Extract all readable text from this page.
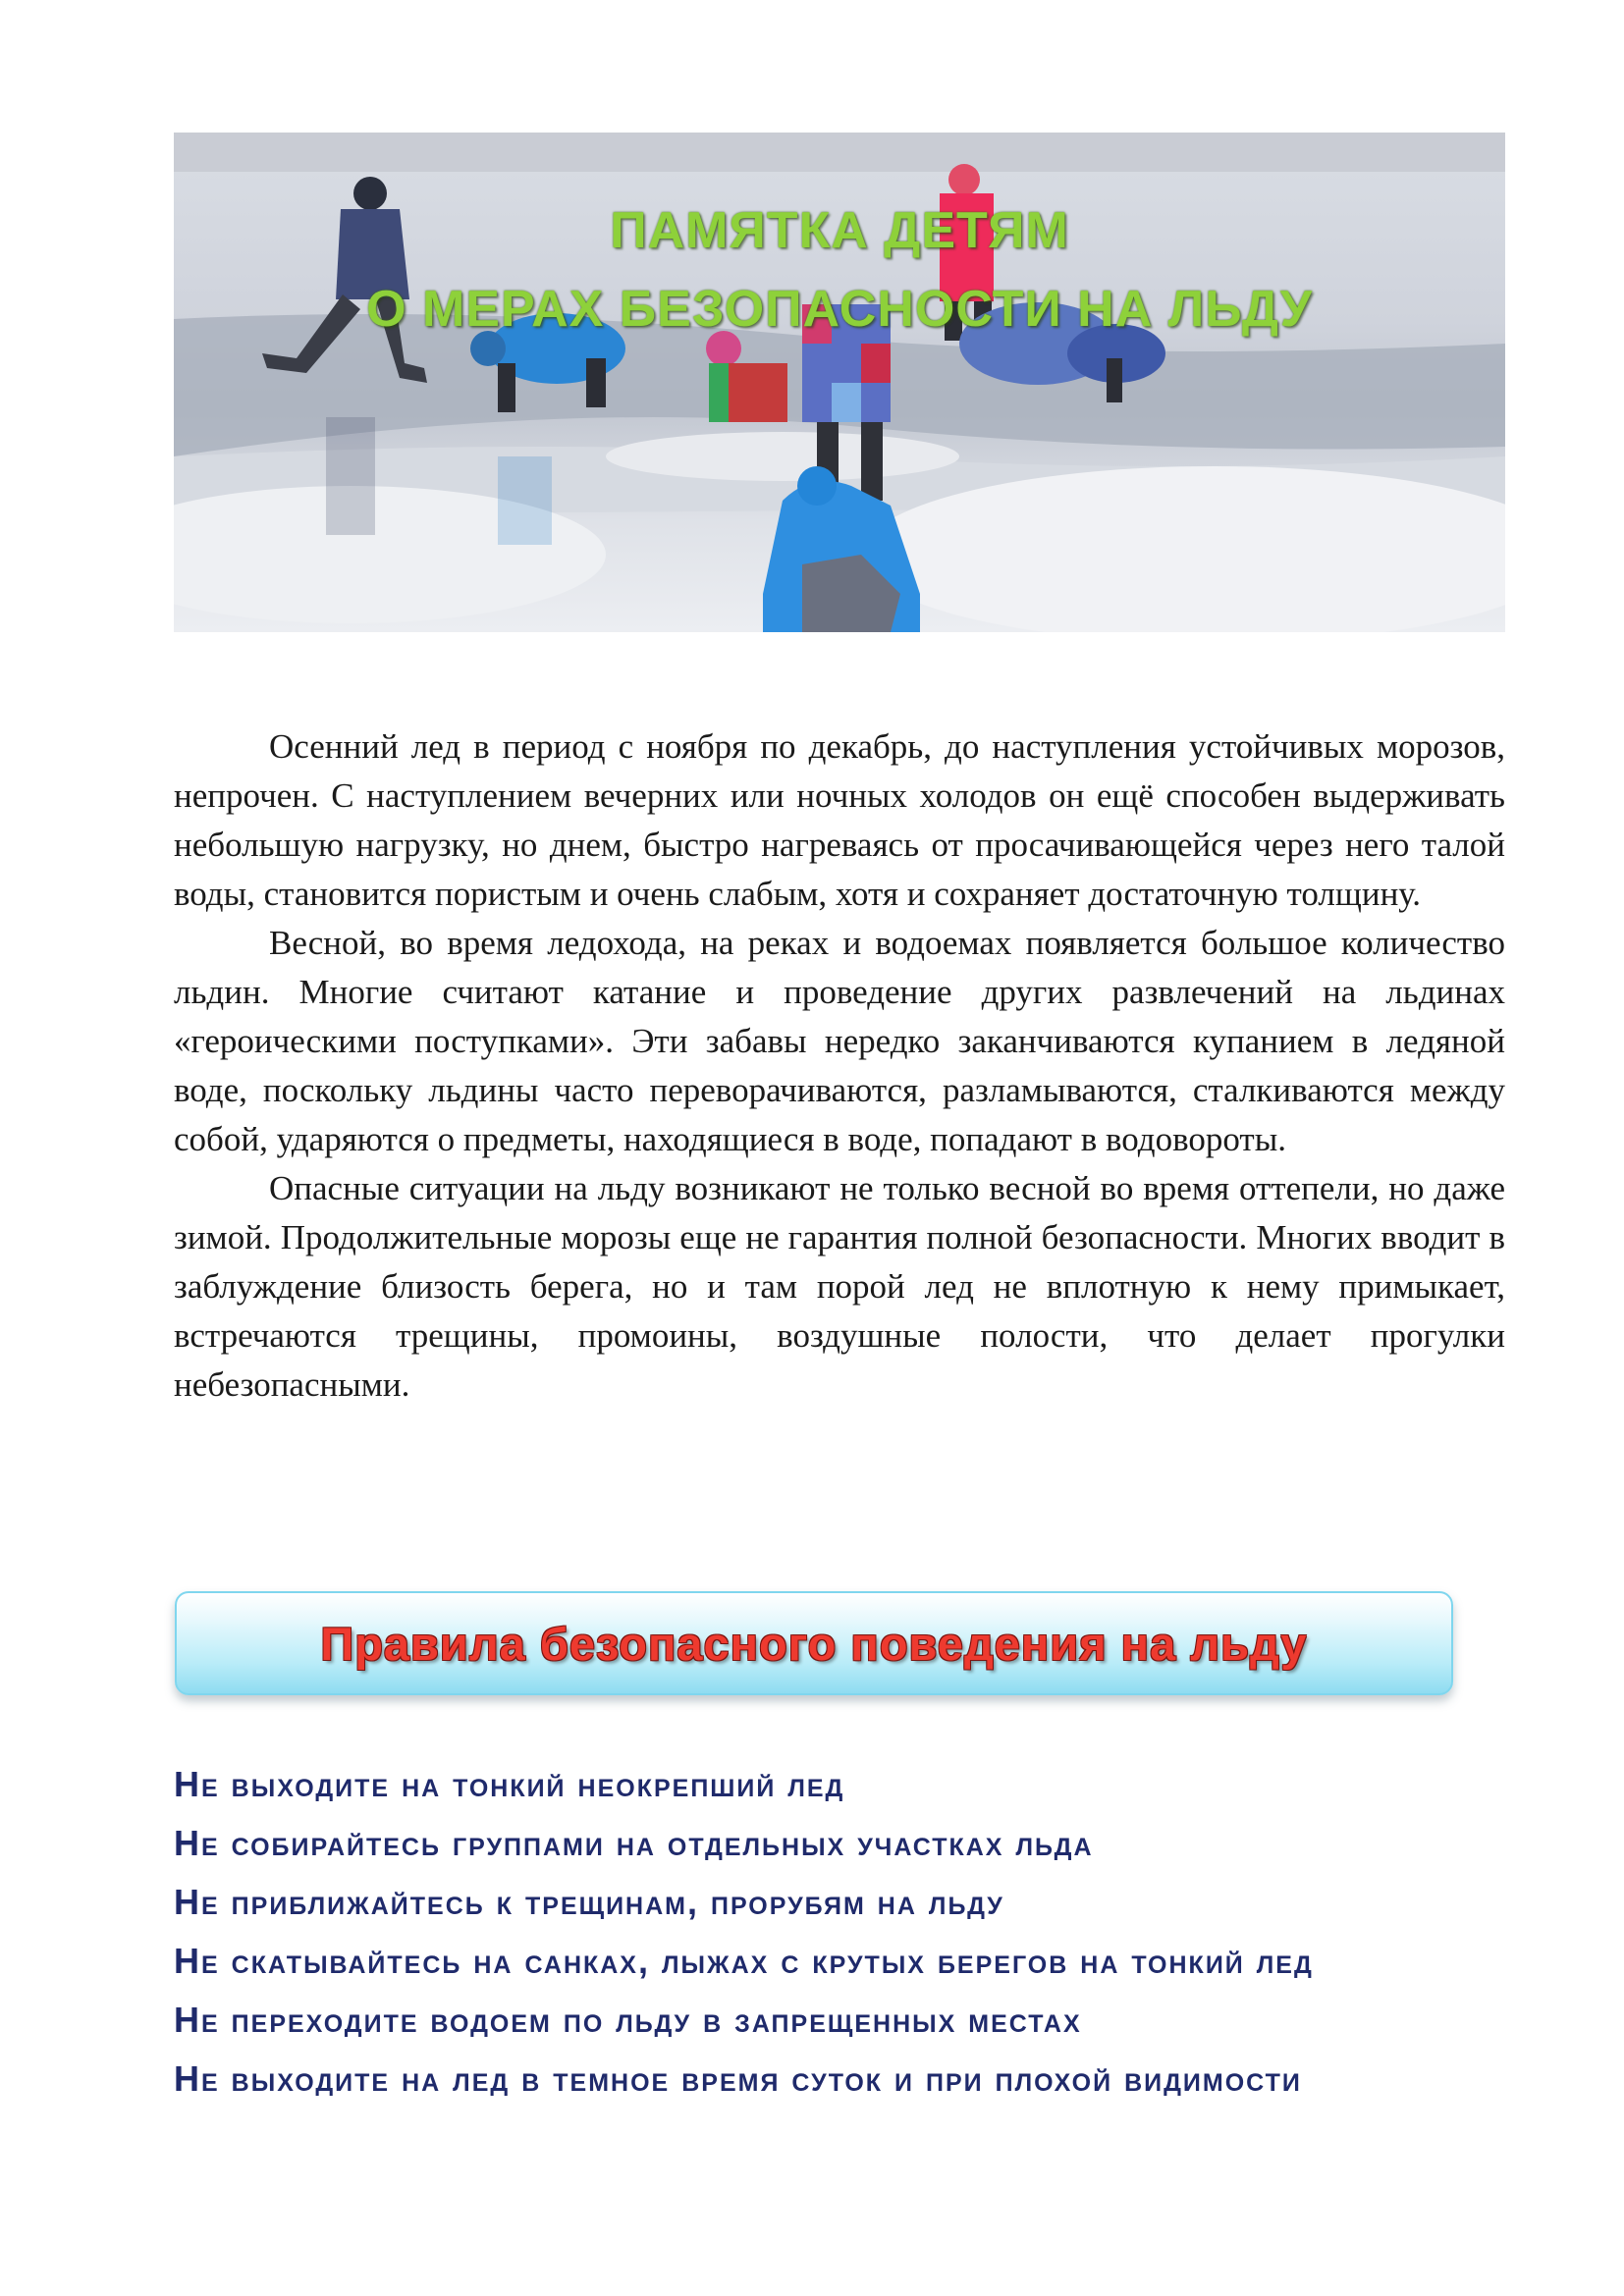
ПАМЯТКА ДЕТЯМ
О МЕРАХ БЕЗОПАСНОСТИ НА ЛЬДУ

Осенний лед в период с ноября по декабрь, до наступления устойчивых морозов, непрочен. С наступлением вечерних или ночных холодов он ещё способен выдерживать небольшую нагрузку, но днем, быстро нагреваясь от просачивающейся через него талой воды, становится пористым и очень слабым, хотя и сохраняет достаточную толщину.

Весной, во время ледохода, на реках и водоемах появляется большое количество льдин. Многие считают катание и проведение других развлечений на льдинах «героическими поступками». Эти забавы нередко заканчиваются купанием в ледяной воде, поскольку льдины часто переворачиваются, разламываются, сталкиваются между собой, ударяются о предметы, находящиеся в воде, попадают в водовороты.

Опасные ситуации на льду возникают не только весной во время оттепели, но даже зимой. Продолжительные морозы еще не гарантия полной безопасности. Многих вводит в заблуждение близость берега, но и там порой лед не вплотную к нему примыкает, встречаются трещины, промоины, воздушные полости, что делает прогулки небезопасными.

Правила безопасного поведения на льду
Не выходите на тонкий неокрепший лед
Не собирайтесь группами на отдельных участках льда
Не приближайтесь к трещинам, прорубям на льду
Не скатывайтесь на санках, лыжах с крутых берегов на тонкий лед
Не переходите водоем по льду в запрещенных местах
Не выходите на лед в темное время суток и при плохой видимости
